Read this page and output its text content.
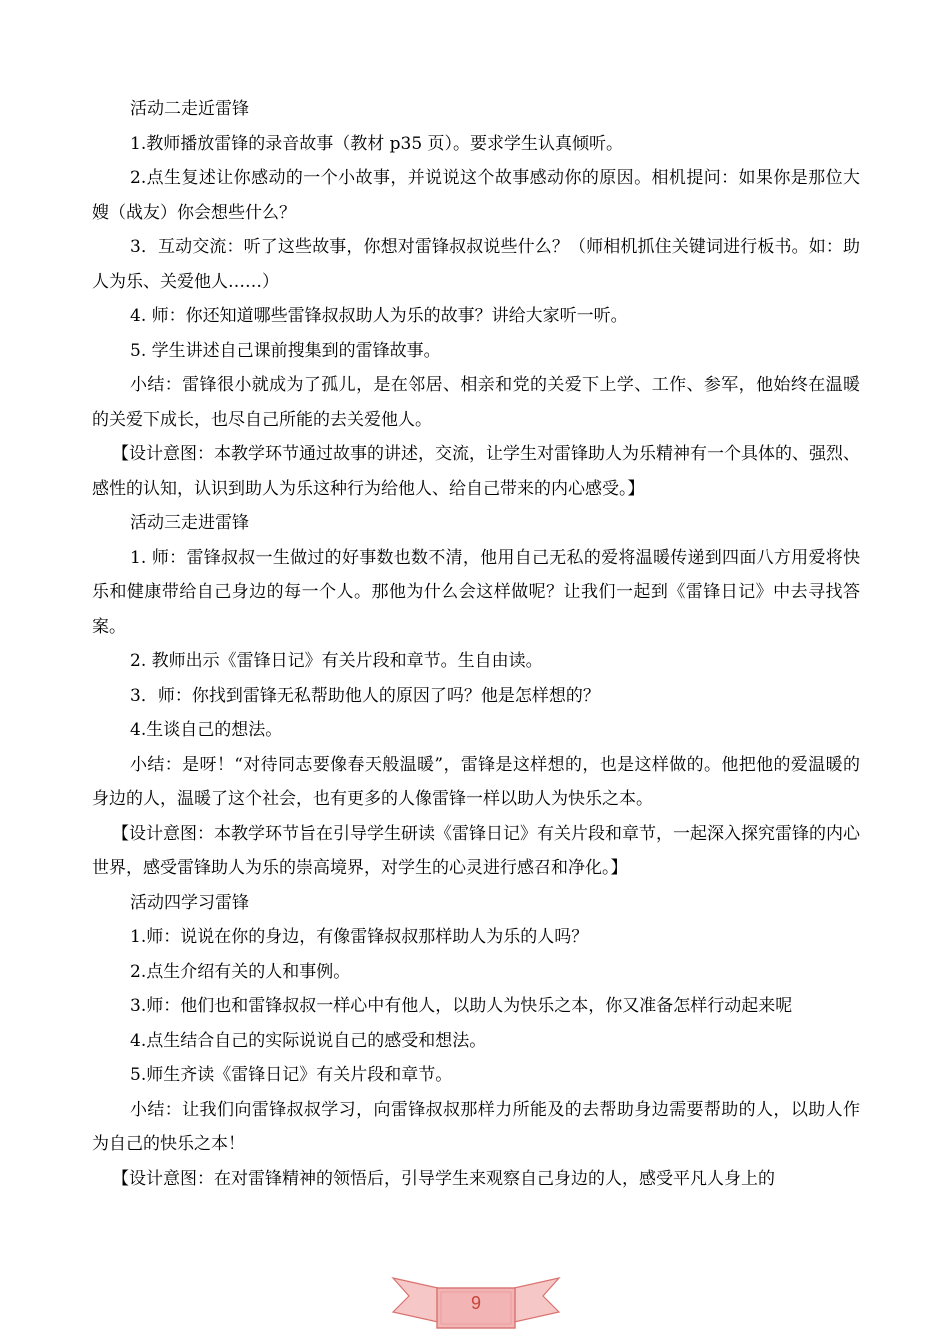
活动二走近雷锋

1.教师播放雷锋的录音故事（教材 p35 页）。要求学生认真倾听。

2.点生复述让你感动的一个小故事，并说说这个故事感动你的原因。相机提问：如果你是那位大嫂（战友）你会想些什么？

3．互动交流：听了这些故事，你想对雷锋叔叔说些什么？（师相机抓住关键词进行板书。如：助人为乐、关爱他人……）

4. 师：你还知道哪些雷锋叔叔助人为乐的故事？讲给大家听一听。

5. 学生讲述自己课前搜集到的雷锋故事。

小结：雷锋很小就成为了孤儿，是在邻居、相亲和党的关爱下上学、工作、参军，他始终在温暖的关爱下成长，也尽自己所能的去关爱他人。

【设计意图：本教学环节通过故事的讲述，交流，让学生对雷锋助人为乐精神有一个具体的、强烈、感性的认知，认识到助人为乐这种行为给他人、给自己带来的内心感受。】

活动三走进雷锋

1. 师：雷锋叔叔一生做过的好事数也数不清，他用自己无私的爱将温暖传递到四面八方用爱将快乐和健康带给自己身边的每一个人。那他为什么会这样做呢？让我们一起到《雷锋日记》中去寻找答案。

2. 教师出示《雷锋日记》有关片段和章节。生自由读。

3．师：你找到雷锋无私帮助他人的原因了吗？他是怎样想的？

4.生谈自己的想法。

小结：是呀！“对待同志要像春天般温暖”，雷锋是这样想的，也是这样做的。他把他的爱温暖的身边的人，温暖了这个社会，也有更多的人像雷锋一样以助人为快乐之本。

【设计意图：本教学环节旨在引导学生研读《雷锋日记》有关片段和章节，一起深入探究雷锋的内心世界，感受雷锋助人为乐的崇高境界，对学生的心灵进行感召和净化。】

活动四学习雷锋

1.师：说说在你的身边，有像雷锋叔叔那样助人为乐的人吗？

2.点生介绍有关的人和事例。

3.师：他们也和雷锋叔叔一样心中有他人，以助人为快乐之本，你又准备怎样行动起来呢

4.点生结合自己的实际说说自己的感受和想法。

5.师生齐读《雷锋日记》有关片段和章节。

小结：让我们向雷锋叔叔学习，向雷锋叔叔那样力所能及的去帮助身边需要帮助的人，以助人作为自己的快乐之本！

【设计意图：在对雷锋精神的领悟后，引导学生来观察自己身边的人，感受平凡人身上的

9
